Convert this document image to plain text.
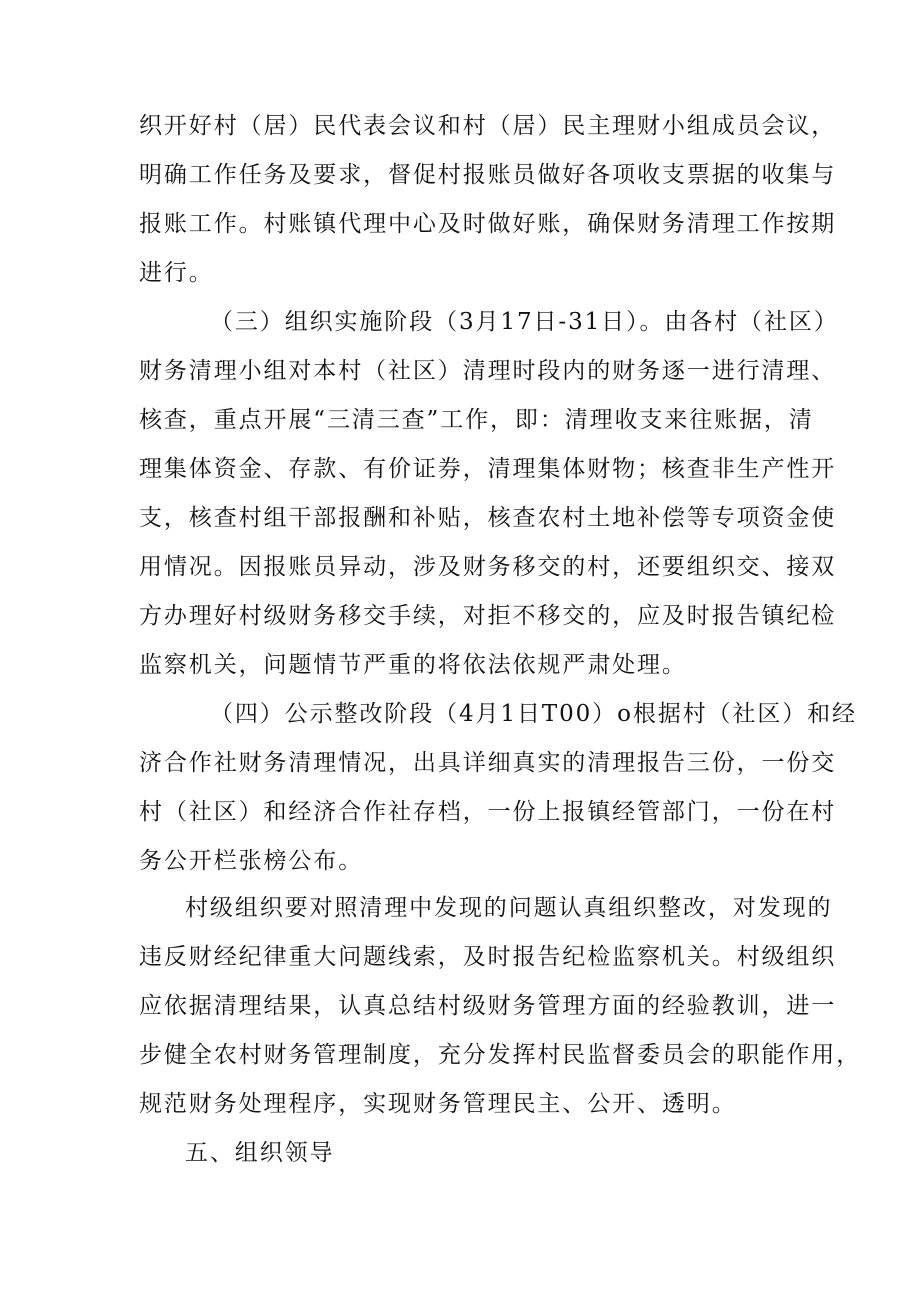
织开好村（居）民代表会议和村（居）民主理财小组成员会议，
明确工作任务及要求，督促村报账员做好各项收支票据的收集与
报账工作。村账镇代理中心及时做好账，确保财务清理工作按期
进行。
（三）组织实施阶段（3月17日-31日）。由各村（社区）
财务清理小组对本村（社区）清理时段内的财务逐一进行清理、
核查，重点开展“三清三查”工作，即：清理收支来往账据，清
理集体资金、存款、有价证券，清理集体财物；核查非生产性开
支，核查村组干部报酬和补贴，核查农村土地补偿等专项资金使
用情况。因报账员异动，涉及财务移交的村，还要组织交、接双
方办理好村级财务移交手续，对拒不移交的，应及时报告镇纪检
监察机关，问题情节严重的将依法依规严肃处理。
（四）公示整改阶段（4月1日T00）o根据村（社区）和经
济合作社财务清理情况，出具详细真实的清理报告三份，一份交
村（社区）和经济合作社存档，一份上报镇经管部门，一份在村
务公开栏张榜公布。
村级组织要对照清理中发现的问题认真组织整改，对发现的
违反财经纪律重大问题线索，及时报告纪检监察机关。村级组织
应依据清理结果，认真总结村级财务管理方面的经验教训，进一
步健全农村财务管理制度，充分发挥村民监督委员会的职能作用，
规范财务处理程序，实现财务管理民主、公开、透明。
五、组织领导
